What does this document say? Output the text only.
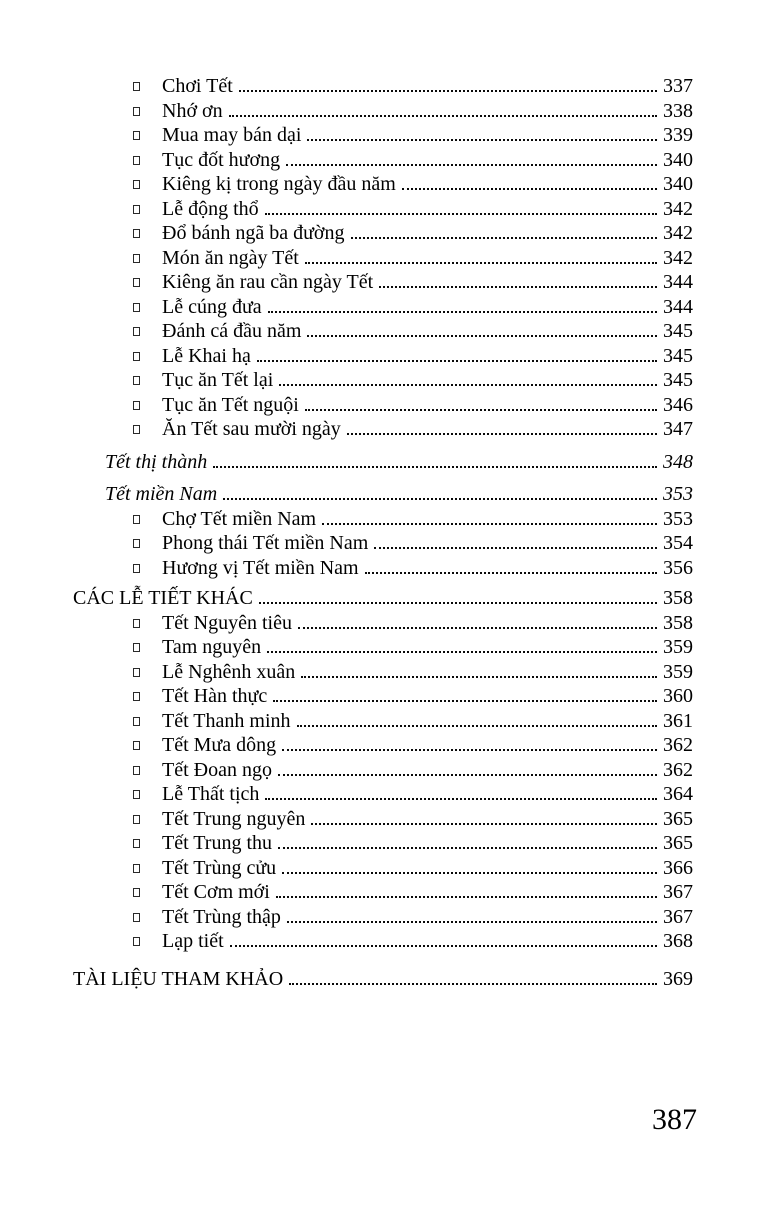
Chơi Tết	337
Nhớ ơn	338
Mua may bán dại	339
Tục đốt hương	340
Kiêng kị trong ngày đầu năm	340
Lễ động thổ	342
Đổ bánh ngã ba đường	342
Món ăn ngày Tết	342
Kiêng ăn rau cần ngày Tết	344
Lễ cúng đưa	344
Đánh cá đầu năm	345
Lễ Khai hạ	345
Tục ăn Tết lại	345
Tục ăn Tết nguội	346
Ăn Tết sau mười ngày	347
Tết thị thành	348
Tết miền Nam	353
Chợ Tết miền Nam	353
Phong thái Tết miền Nam	354
Hương vị Tết miền Nam	356
CÁC LỄ TIẾT KHÁC	358
Tết Nguyên tiêu	358
Tam nguyên	359
Lễ Nghênh xuân	359
Tết Hàn thực	360
Tết Thanh minh	361
Tết Mưa dông	362
Tết Đoan ngọ	362
Lễ Thất tịch	364
Tết Trung nguyên	365
Tết Trung thu	365
Tết Trùng cửu	366
Tết Cơm mới	367
Tết Trùng thập	367
Lạp tiết	368
TÀI LIỆU THAM KHẢO	369
387
